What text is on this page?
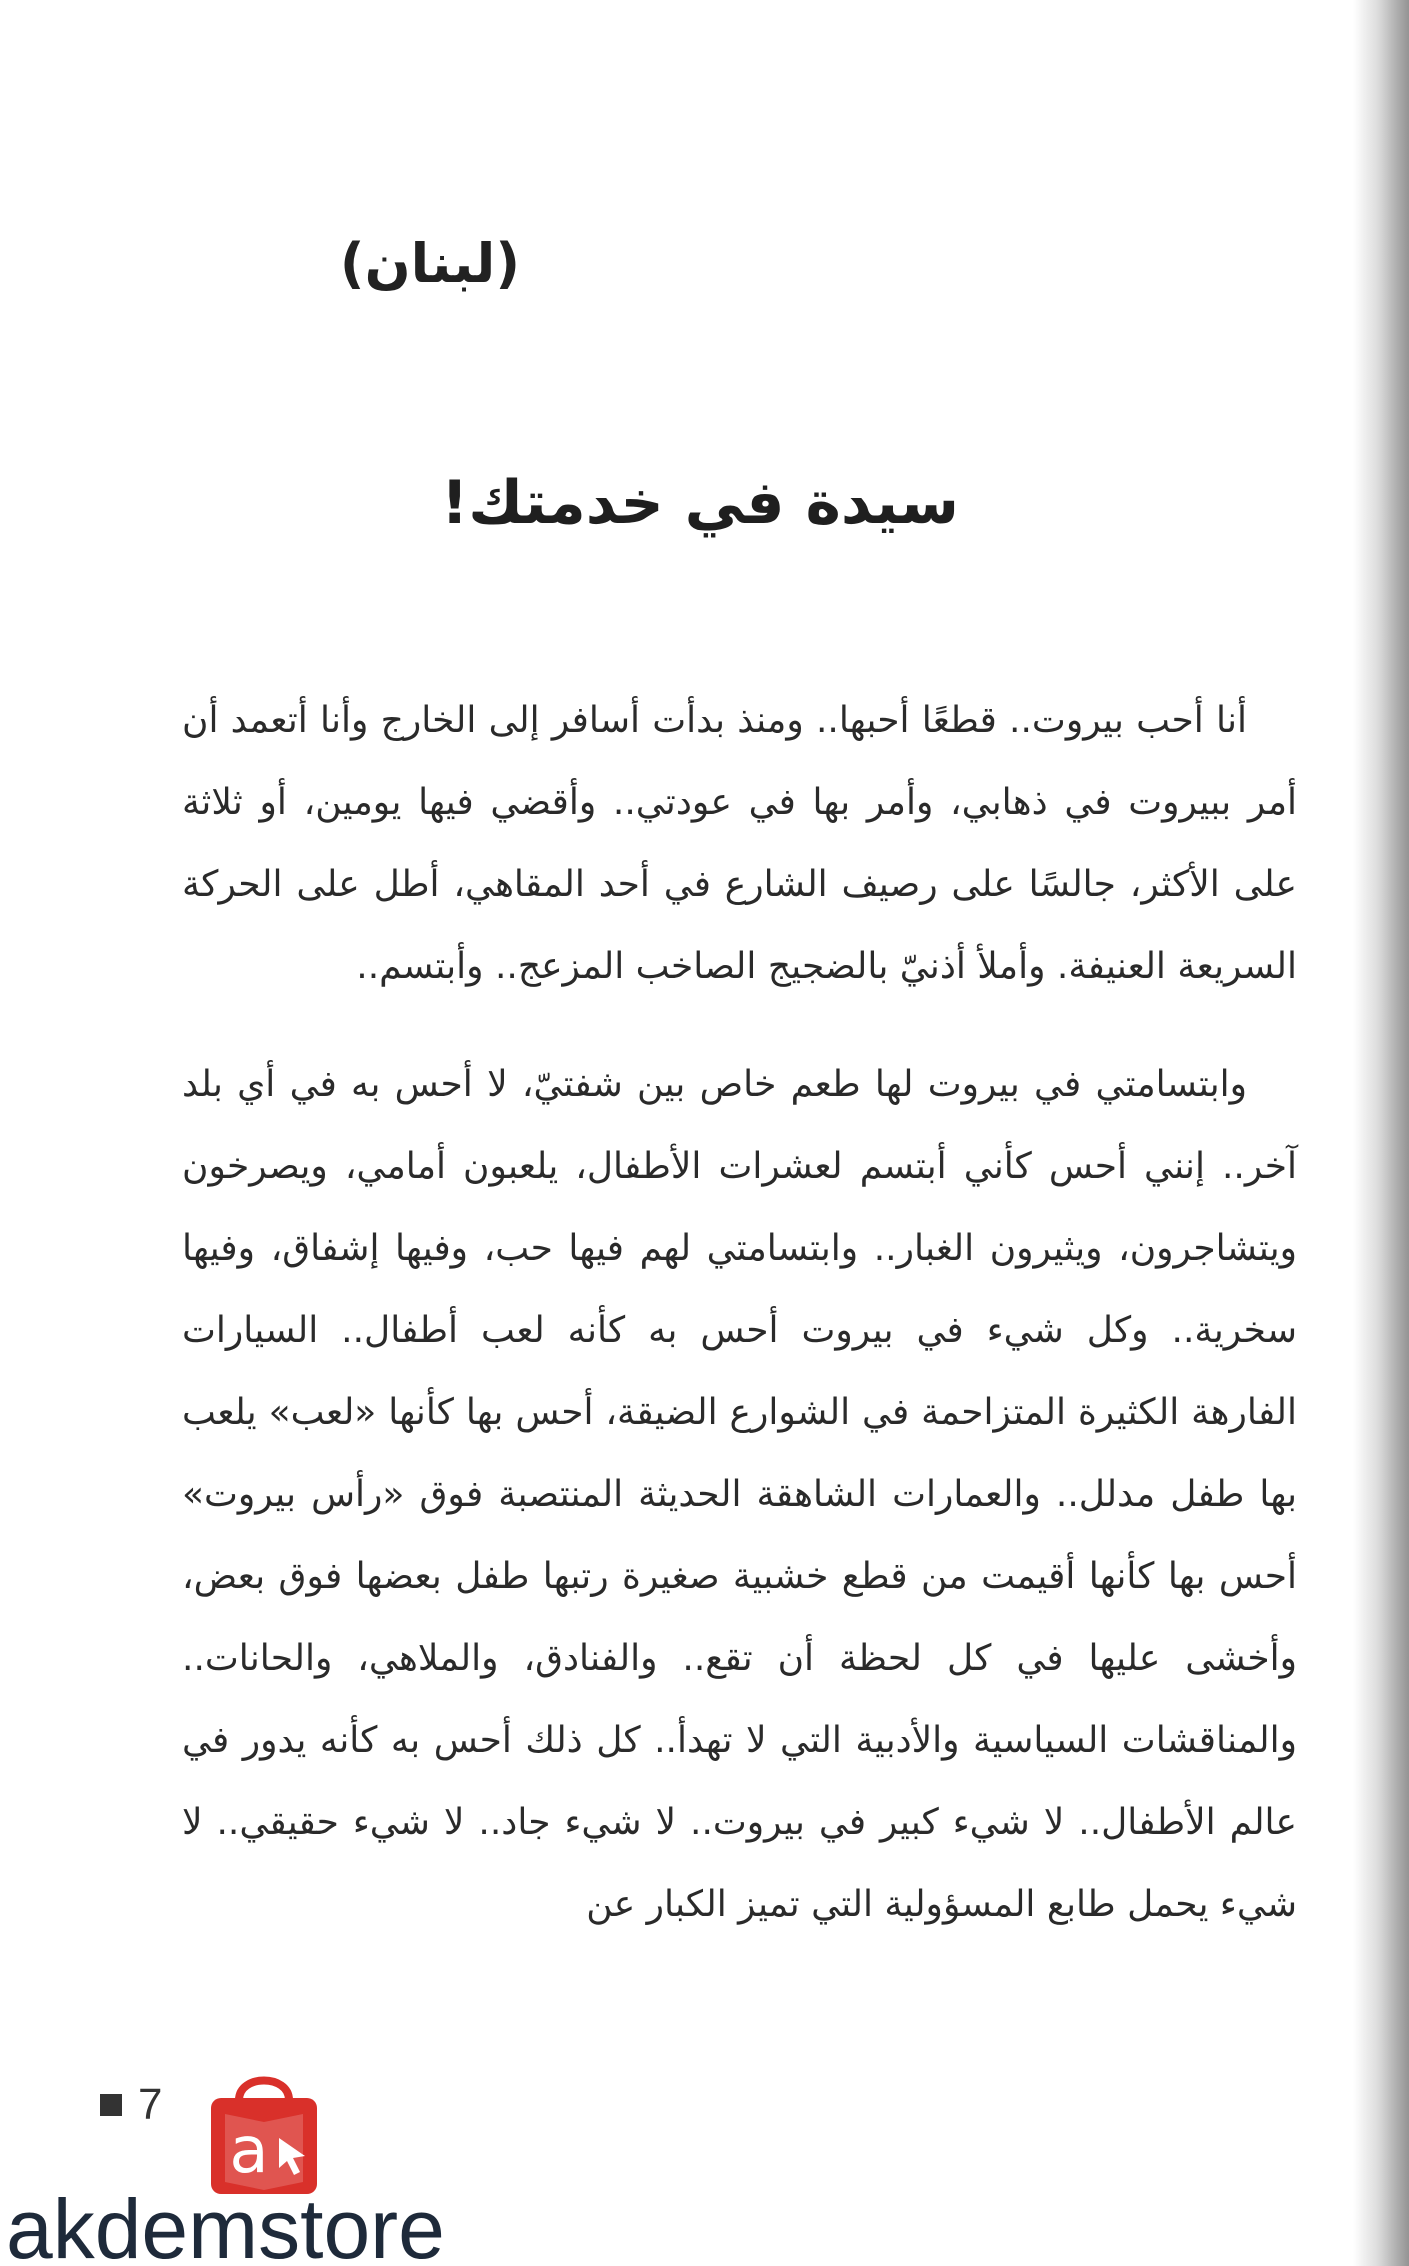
(لبنان)
سيدة في خدمتك!

أنا أحب بيروت.. قطعًا أحبها.. ومنذ بدأت أسافر إلى الخارج وأنا أتعمد أن أمر ببيروت في ذهابي، وأمر بها في عودتي.. وأقضي فيها يومين، أو ثلاثة على الأكثر، جالسًا على رصيف الشارع في أحد المقاهي، أطل على الحركة السريعة العنيفة. وأملأ أذنيّ بالضجيج الصاخب المزعج.. وأبتسم..

وابتسامتي في بيروت لها طعم خاص بين شفتيّ، لا أحس به في أي بلد آخر.. إنني أحس كأني أبتسم لعشرات الأطفال، يلعبون أمامي، ويصرخون ويتشاجرون، ويثيرون الغبار.. وابتسامتي لهم فيها حب، وفيها إشفاق، وفيها سخرية.. وكل شيء في بيروت أحس به كأنه لعب أطفال.. السيارات الفارهة الكثيرة المتزاحمة في الشوارع الضيقة، أحس بها كأنها «لعب» يلعب بها طفل مدلل.. والعمارات الشاهقة الحديثة المنتصبة فوق «رأس بيروت» أحس بها كأنها أقيمت من قطع خشبية صغيرة رتبها طفل بعضها فوق بعض، وأخشى عليها في كل لحظة أن تقع.. والفنادق، والملاهي، والحانات.. والمناقشات السياسية والأدبية التي لا تهدأ.. كل ذلك أحس به كأنه يدور في عالم الأطفال.. لا شيء كبير في بيروت.. لا شيء جاد.. لا شيء حقيقي.. لا شيء يحمل طابع المسؤولية التي تميز الكبار عن

7
a
akdemstore
